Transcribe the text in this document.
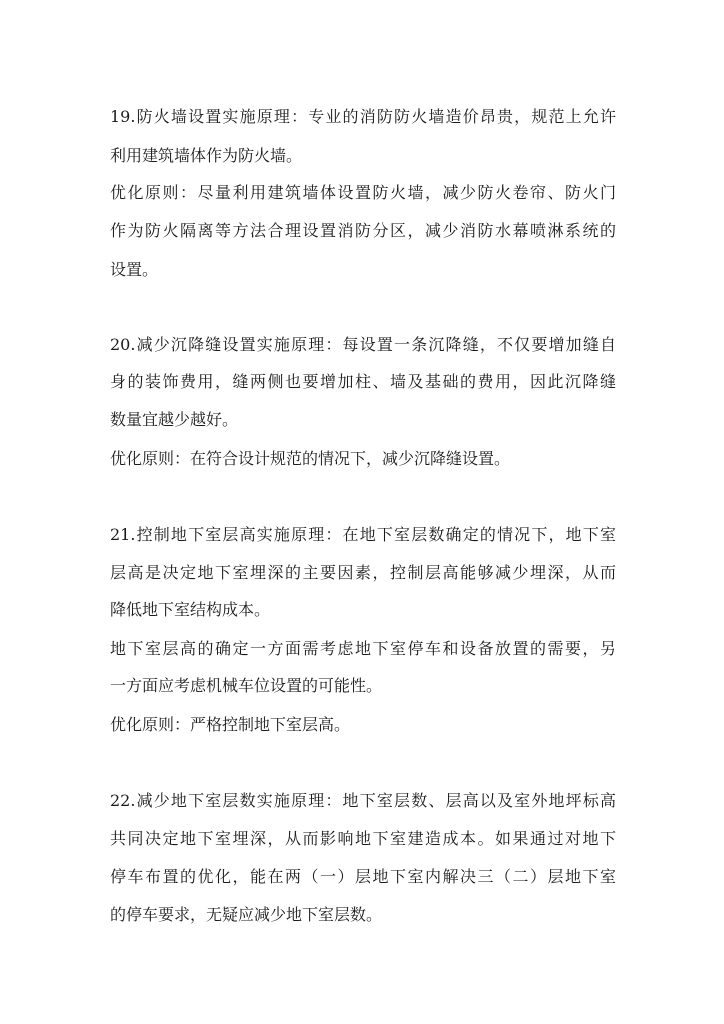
19.防火墙设置实施原理：专业的消防防火墙造价昂贵，规范上允许
利用建筑墙体作为防火墙。
优化原则：尽量利用建筑墙体设置防火墙，减少防火卷帘、防火门
作为防火隔离等方法合理设置消防分区，减少消防水幕喷淋系统的
设置。
20.减少沉降缝设置实施原理：每设置一条沉降缝，不仅要增加缝自
身的装饰费用，缝两侧也要增加柱、墙及基础的费用，因此沉降缝
数量宜越少越好。
优化原则：在符合设计规范的情况下，减少沉降缝设置。
21.控制地下室层高实施原理：在地下室层数确定的情况下，地下室
层高是决定地下室埋深的主要因素，控制层高能够减少埋深，从而
降低地下室结构成本。
地下室层高的确定一方面需考虑地下室停车和设备放置的需要，另
一方面应考虑机械车位设置的可能性。
优化原则：严格控制地下室层高。
22.减少地下室层数实施原理：地下室层数、层高以及室外地坪标高
共同决定地下室埋深，从而影响地下室建造成本。如果通过对地下
停车布置的优化，能在两（一）层地下室内解决三（二）层地下室
的停车要求，无疑应减少地下室层数。
